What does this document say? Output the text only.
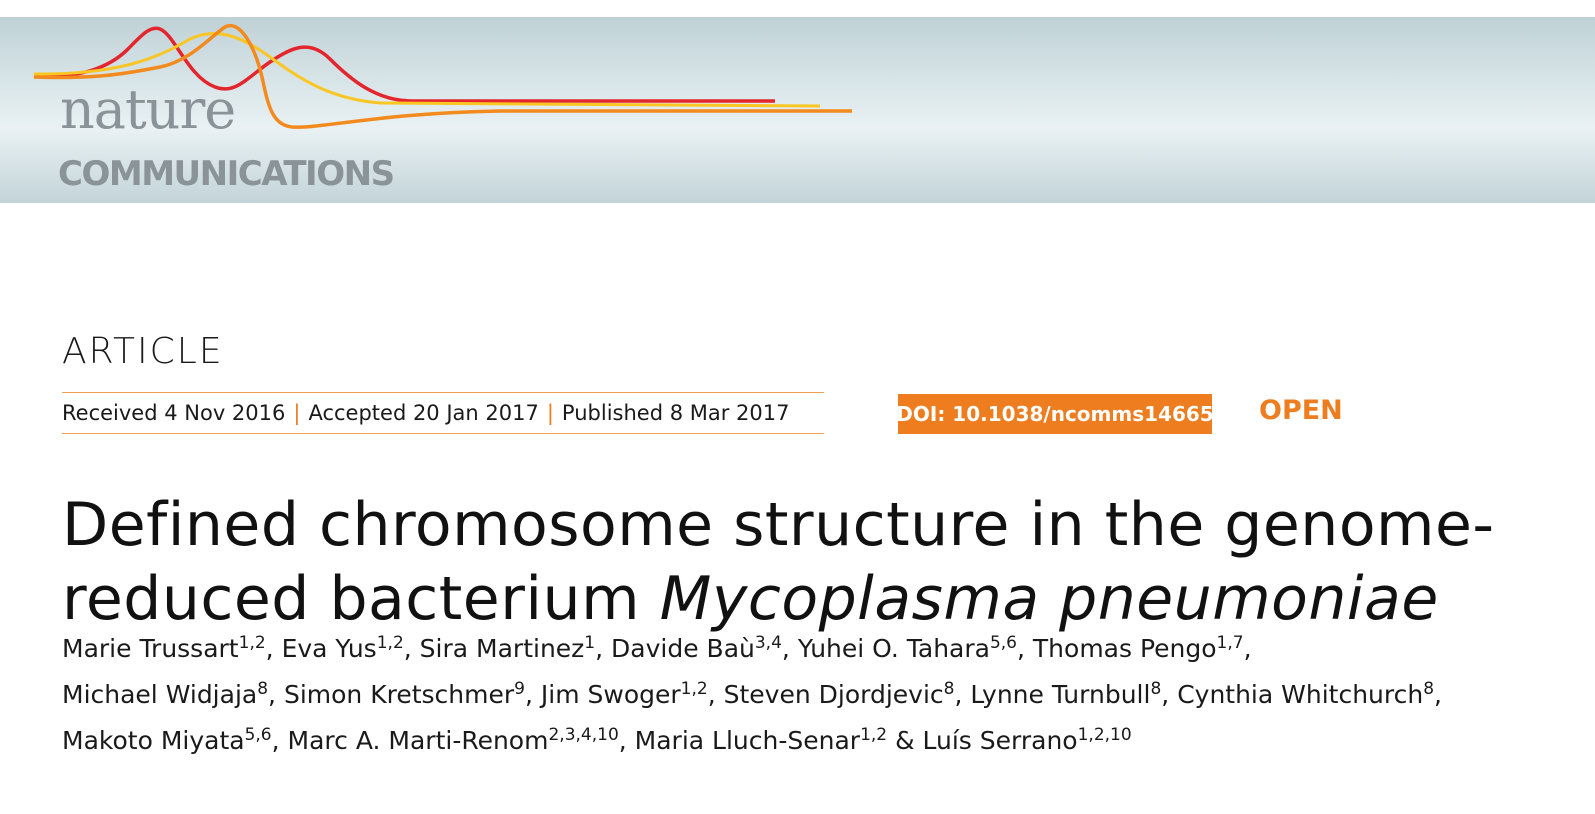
nature
COMMUNICATIONS
ARTICLE
Received 4 Nov 2016 | Accepted 20 Jan 2017 | Published 8 Mar 2017	DOI: 10.1038/ncomms14665 OPEN
Defined chromosome structure in the genome-reduced bacterium Mycoplasma pneumoniae
Marie Trussart$^{1,2}$, Eva Yus$^{1,2}$, Sira Martinez$^1$, Davide Baù$^{3,4}$, Yuhei O. Tahara$^{5,6}$, Thomas Pengo$^{1,7}$,
Michael Widjaja$^8$, Simon Kretschmer$^9$, Jim Swoger$^{1,2}$, Steven Djordjevic$^8$, Lynne Turnbull$^8$, Cynthia Whitchurch$^8$,
Makoto Miyata$^{5,6}$, Marc A. Marti-Renom$^{2,3,4,10}$, Maria Lluch-Senar$^{1,2}$ & Luís Serrano$^{1,2,10}$
